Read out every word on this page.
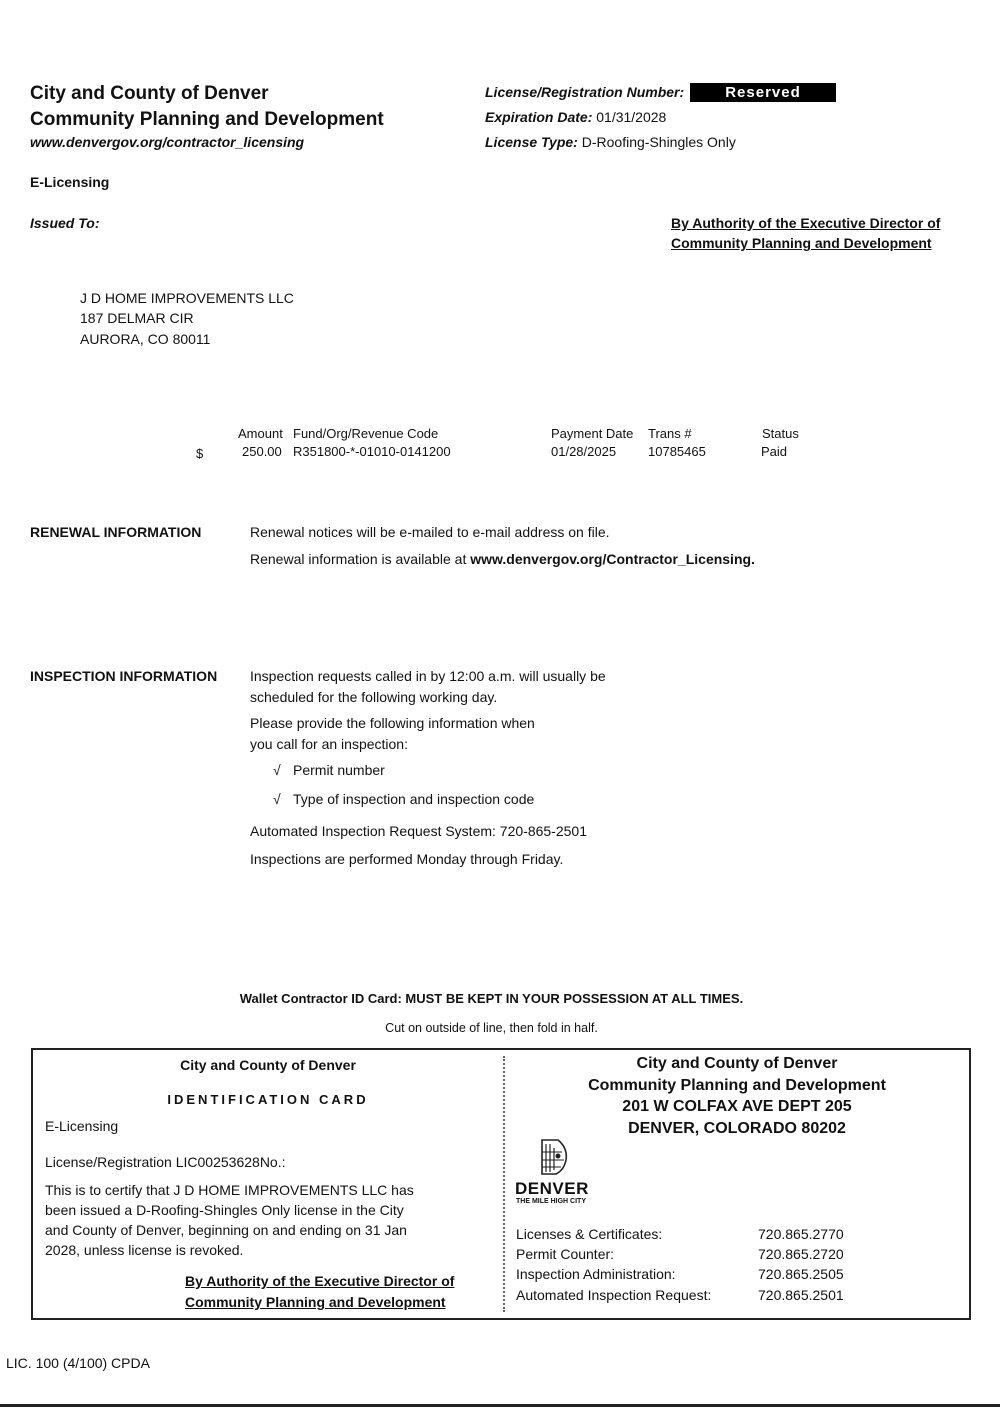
City and County of Denver
Community Planning and Development
www.denvergov.org/contractor_licensing
E-Licensing
Issued To:
License/Registration Number:	Reserved
Expiration Date: 01/31/2028
License Type: D-Roofing-Shingles Only
By Authority of the Executive Director of
Community Planning and Development
J D HOME IMPROVEMENTS LLC
187 DELMAR CIR
AURORA, CO 80011
Amount Fund/Org/Revenue Code	Payment Date Trans #	Status
$	250.00 R351800-*-01010-0141200	01/28/2025 10785465	Paid
RENEWAL INFORMATION	Renewal notices will be e-mailed to e-mail address on file.
Renewal information is available at www.denvergov.org/Contractor_Licensing.
INSPECTION INFORMATION Inspection requests called in by 12:00 a.m. will usually be
scheduled for the following working day.
Please provide the following information when
you call for an inspection:
√ Permit number
√ Type of inspection and inspection code
Automated Inspection Request System: 720-865-2501
Inspections are performed Monday through Friday.
Wallet Contractor ID Card: MUST BE KEPT IN YOUR POSSESSION AT ALL TIMES.
Cut on outside of line, then fold in half.
City and County of Denver
IDENTIFICATION CARD
E-Licensing
License/Registration LIC00253628No.:
This is to certify that J D HOME IMPROVEMENTS LLC has
been issued a D-Roofing-Shingles Only license in the City
and County of Denver, beginning on and ending on 31 Jan
2028, unless license is revoked.
By Authority of the Executive Director of
Community Planning and Development
City and County of Denver
Community Planning and Development
201 W COLFAX AVE DEPT 205
DENVER, COLORADO 80202
DENVER
THE MILE HIGH CITY
Licenses & Certificates:	720.865.2770
Permit Counter:	720.865.2720
Inspection Administration:	720.865.2505
Automated Inspection Request:	720.865.2501
LIC. 100 (4/100) CPDA
